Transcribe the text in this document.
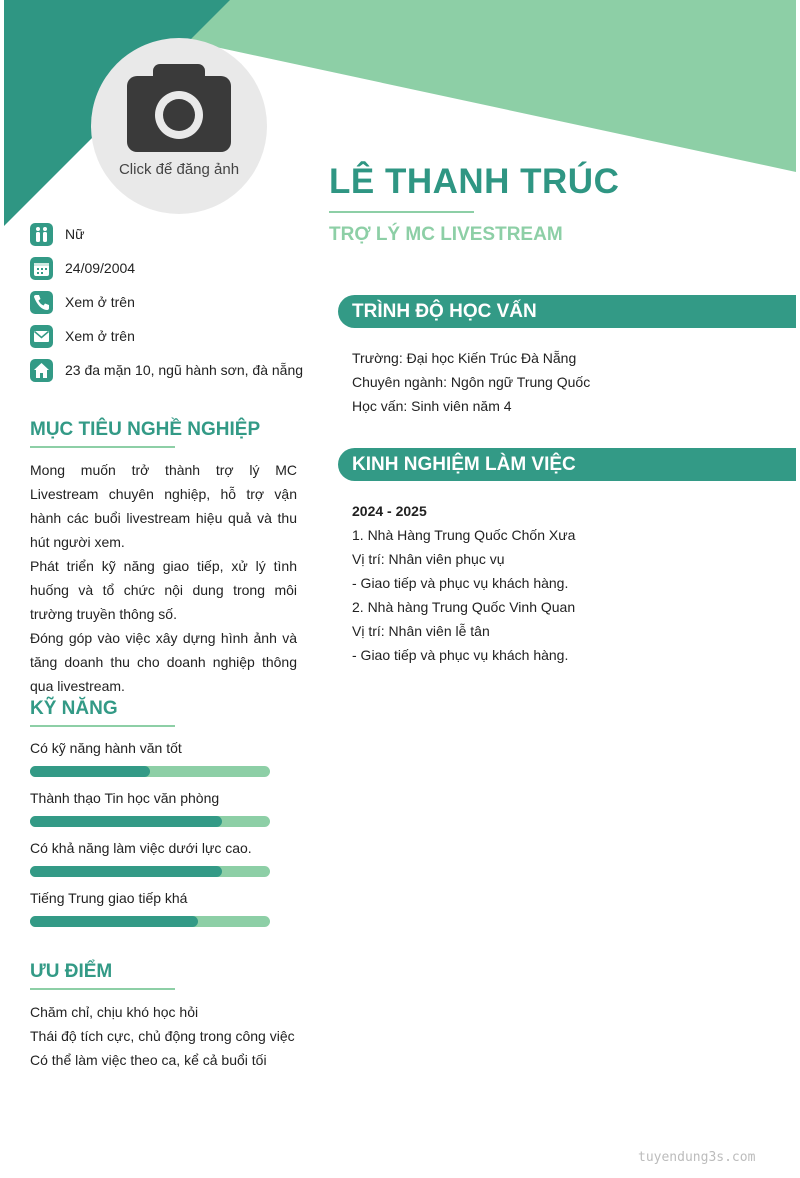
Click để đăng ảnh	LÊ THANH TRÚC
TRỢ LÝ MC LIVESTREAM
Nữ
24/09/2004
Xem ở trên
Xem ở trên
23 đa mặn 10, ngũ hành sơn, đà nẵng
MỤC TIÊU NGHỀ NGHIỆP

Mong muốn trở thành trợ lý MC Livestream chuyên nghiệp, hỗ trợ vận hành các buổi livestream hiệu quả và thu hút người xem.

Phát triển kỹ năng giao tiếp, xử lý tình huống và tổ chức nội dung trong môi trường truyền thông số.

Đóng góp vào việc xây dựng hình ảnh và tăng doanh thu cho doanh nghiệp thông qua livestream.

KỸ NĂNG
Có kỹ năng hành văn tốt
Thành thạo Tin học văn phòng
Có khả năng làm việc dưới lực cao.
Tiếng Trung giao tiếp khá
ƯU ĐIỂM
Chăm chỉ, chịu khó học hỏi
Thái độ tích cực, chủ động trong công việc
Có thể làm việc theo ca, kể cả buổi tối
TRÌNH ĐỘ HỌC VẤN
Trường: Đại học Kiến Trúc Đà Nẵng
Chuyên ngành: Ngôn ngữ Trung Quốc
Học vấn: Sinh viên năm 4
KINH NGHIỆM LÀM VIỆC
2024 - 2025
1. Nhà Hàng Trung Quốc Chốn Xưa
Vị trí: Nhân viên phục vụ
- Giao tiếp và phục vụ khách hàng.
2. Nhà hàng Trung Quốc Vinh Quan
Vị trí: Nhân viên lễ tân
- Giao tiếp và phục vụ khách hàng.
tuyendung3s.com
